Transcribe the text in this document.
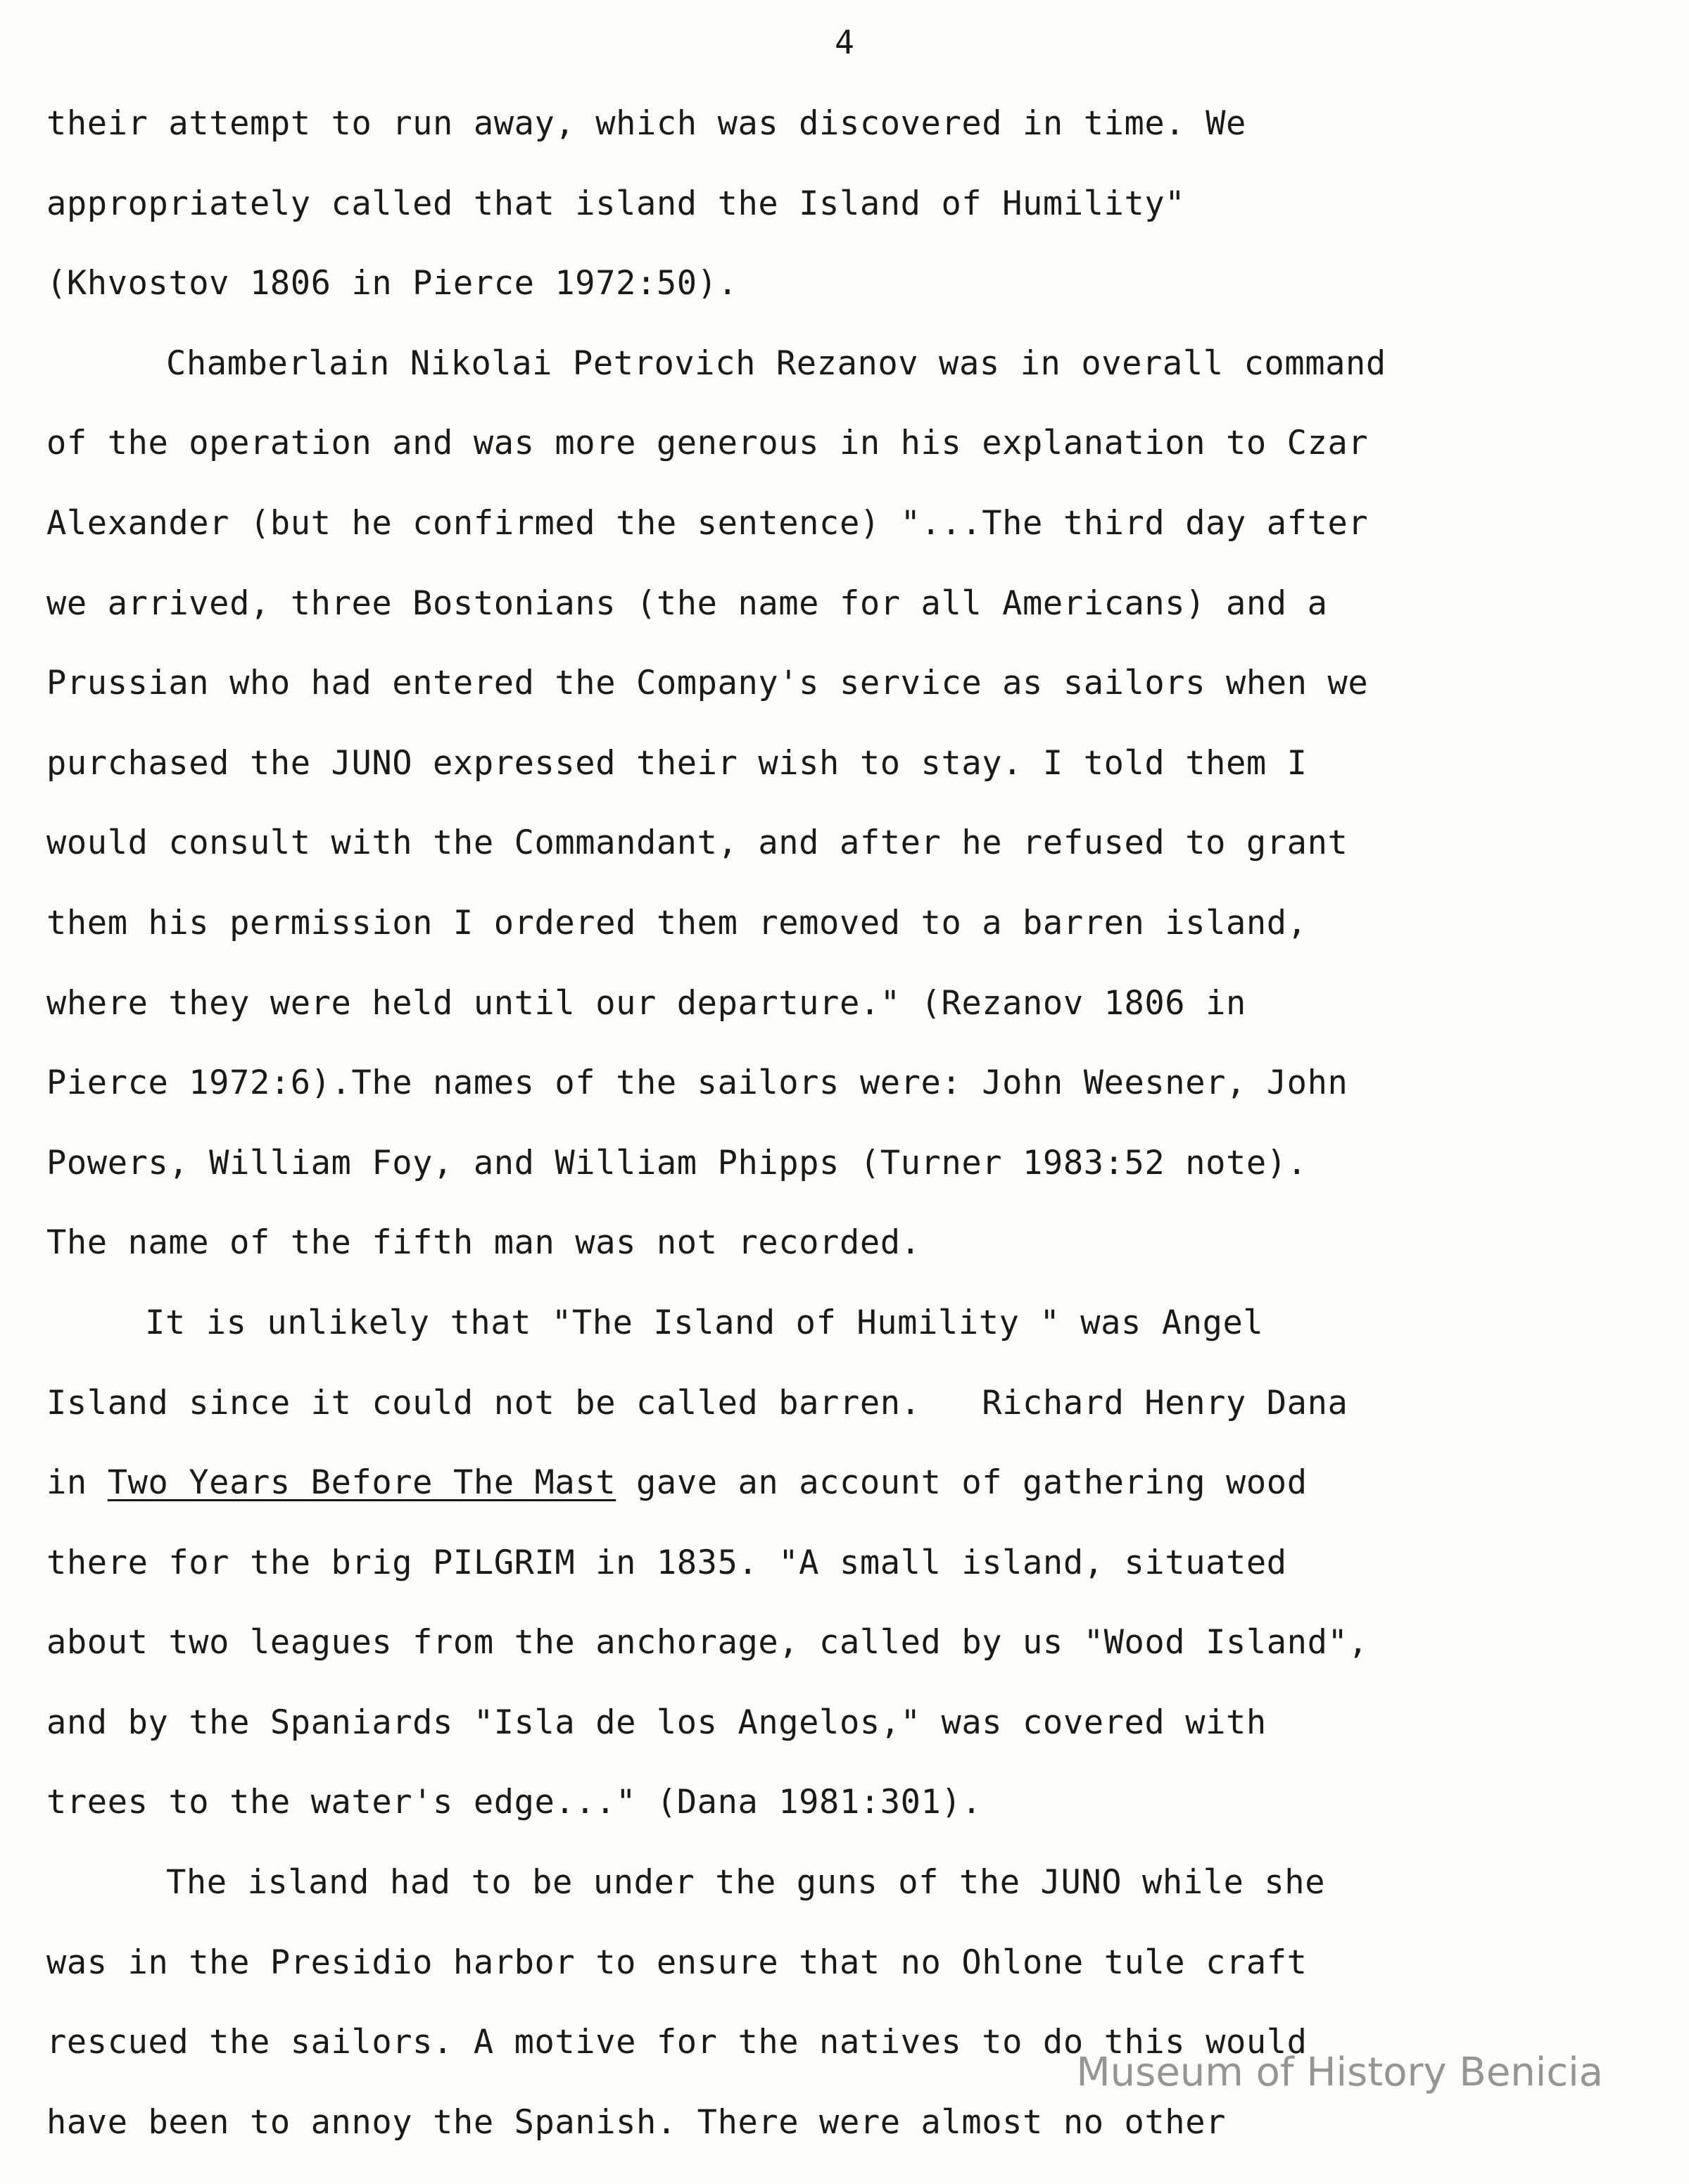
4
their attempt to run away, which was discovered in time. We
appropriately called that island the Island of Humility"
(Khvostov 1806 in Pierce 1972:50).
Chamberlain Nikolai Petrovich Rezanov was in overall command
of the operation and was more generous in his explanation to Czar
Alexander (but he confirmed the sentence) "...The third day after
we arrived, three Bostonians (the name for all Americans) and a
Prussian who had entered the Company's service as sailors when we
purchased the JUNO expressed their wish to stay. I told them I
would consult with the Commandant, and after he refused to grant
them his permission I ordered them removed to a barren island,
where they were held until our departure." (Rezanov 1806 in
Pierce 1972:6).The names of the sailors were: John Weesner, John
Powers, William Foy, and William Phipps (Turner 1983:52 note).
The name of the fifth man was not recorded.
It is unlikely that "The Island of Humility " was Angel
Island since it could not be called barren.   Richard Henry Dana
in Two Years Before The Mast gave an account of gathering wood
there for the brig PILGRIM in 1835. "A small island, situated
about two leagues from the anchorage, called by us "Wood Island",
and by the Spaniards "Isla de los Angelos," was covered with
trees to the water's edge..." (Dana 1981:301).
The island had to be under the guns of the JUNO while she
was in the Presidio harbor to ensure that no Ohlone tule craft
rescued the sailors. A motive for the natives to do this would
have been to annoy the Spanish. There were almost no other
Museum of History Benicia
